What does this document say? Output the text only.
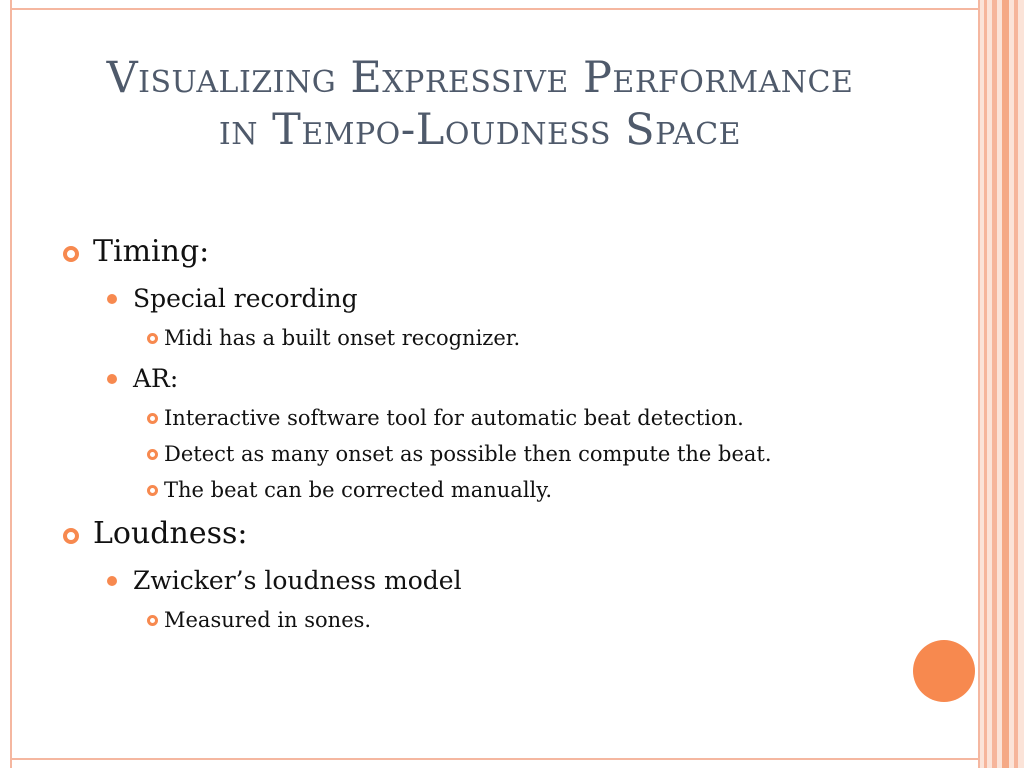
Visualizing Expressive Performance
in Tempo-Loudness Space
Timing:
Special recording
Midi has a built onset recognizer.
AR:
Interactive software tool for automatic beat detection.
Detect as many onset as possible then compute the beat.
The beat can be corrected manually.
Loudness:
Zwicker’s loudness model
Measured in sones.
